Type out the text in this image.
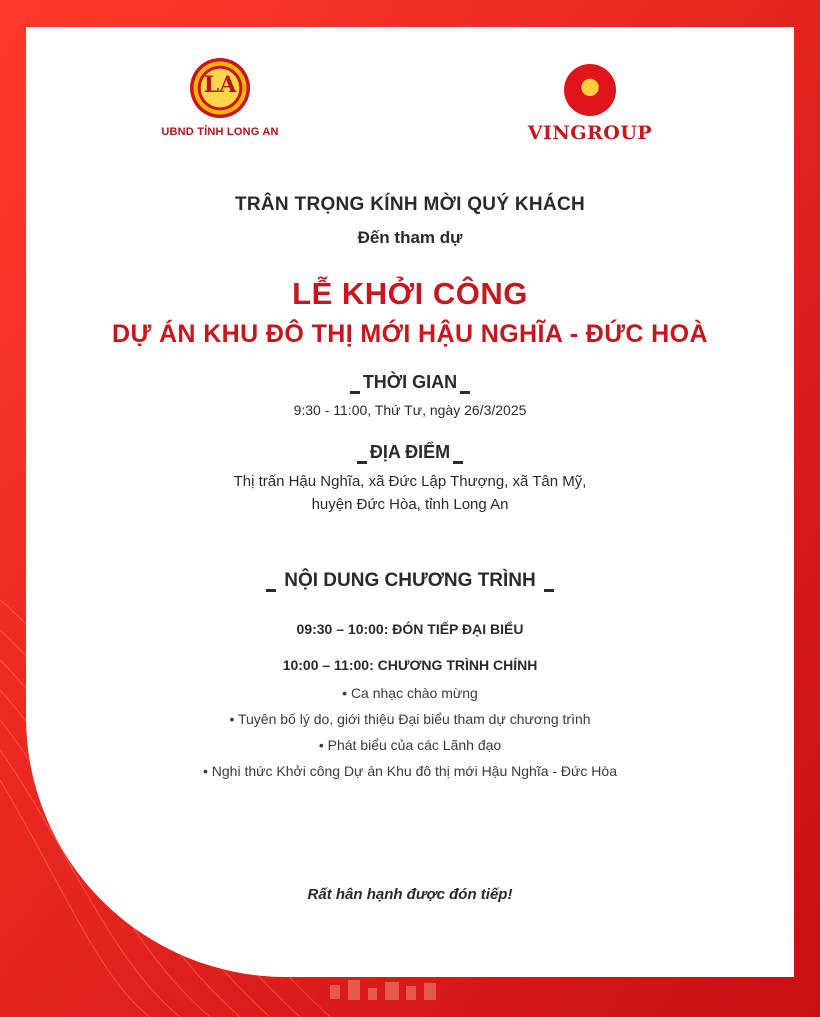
LA
UBND TỈNH LONG AN	VINGROUP
TRÂN TRỌNG KÍNH MỜI QUÝ KHÁCH
Đến tham dự
LỄ KHỞI CÔNG
DỰ ÁN KHU ĐÔ THỊ MỚI HẬU NGHĨA - ĐỨC HOÀ
THỜI GIAN
9:30 - 11:00, Thứ Tư, ngày 26/3/2025
ĐỊA ĐIỂM
Thị trấn Hậu Nghĩa, xã Đức Lập Thượng, xã Tân Mỹ,
huyện Đức Hòa, tỉnh Long An
NỘI DUNG CHƯƠNG TRÌNH
09:30 – 10:00: ĐÓN TIẾP ĐẠI BIỂU
10:00 – 11:00: CHƯƠNG TRÌNH CHÍNH
• Ca nhạc chào mừng
• Tuyên bố lý do, giới thiệu Đại biểu tham dự chương trình
• Phát biểu của các Lãnh đạo
• Nghi thức Khởi công Dự án Khu đô thị mới Hậu Nghĩa - Đức Hòa
Rất hân hạnh được đón tiếp!
